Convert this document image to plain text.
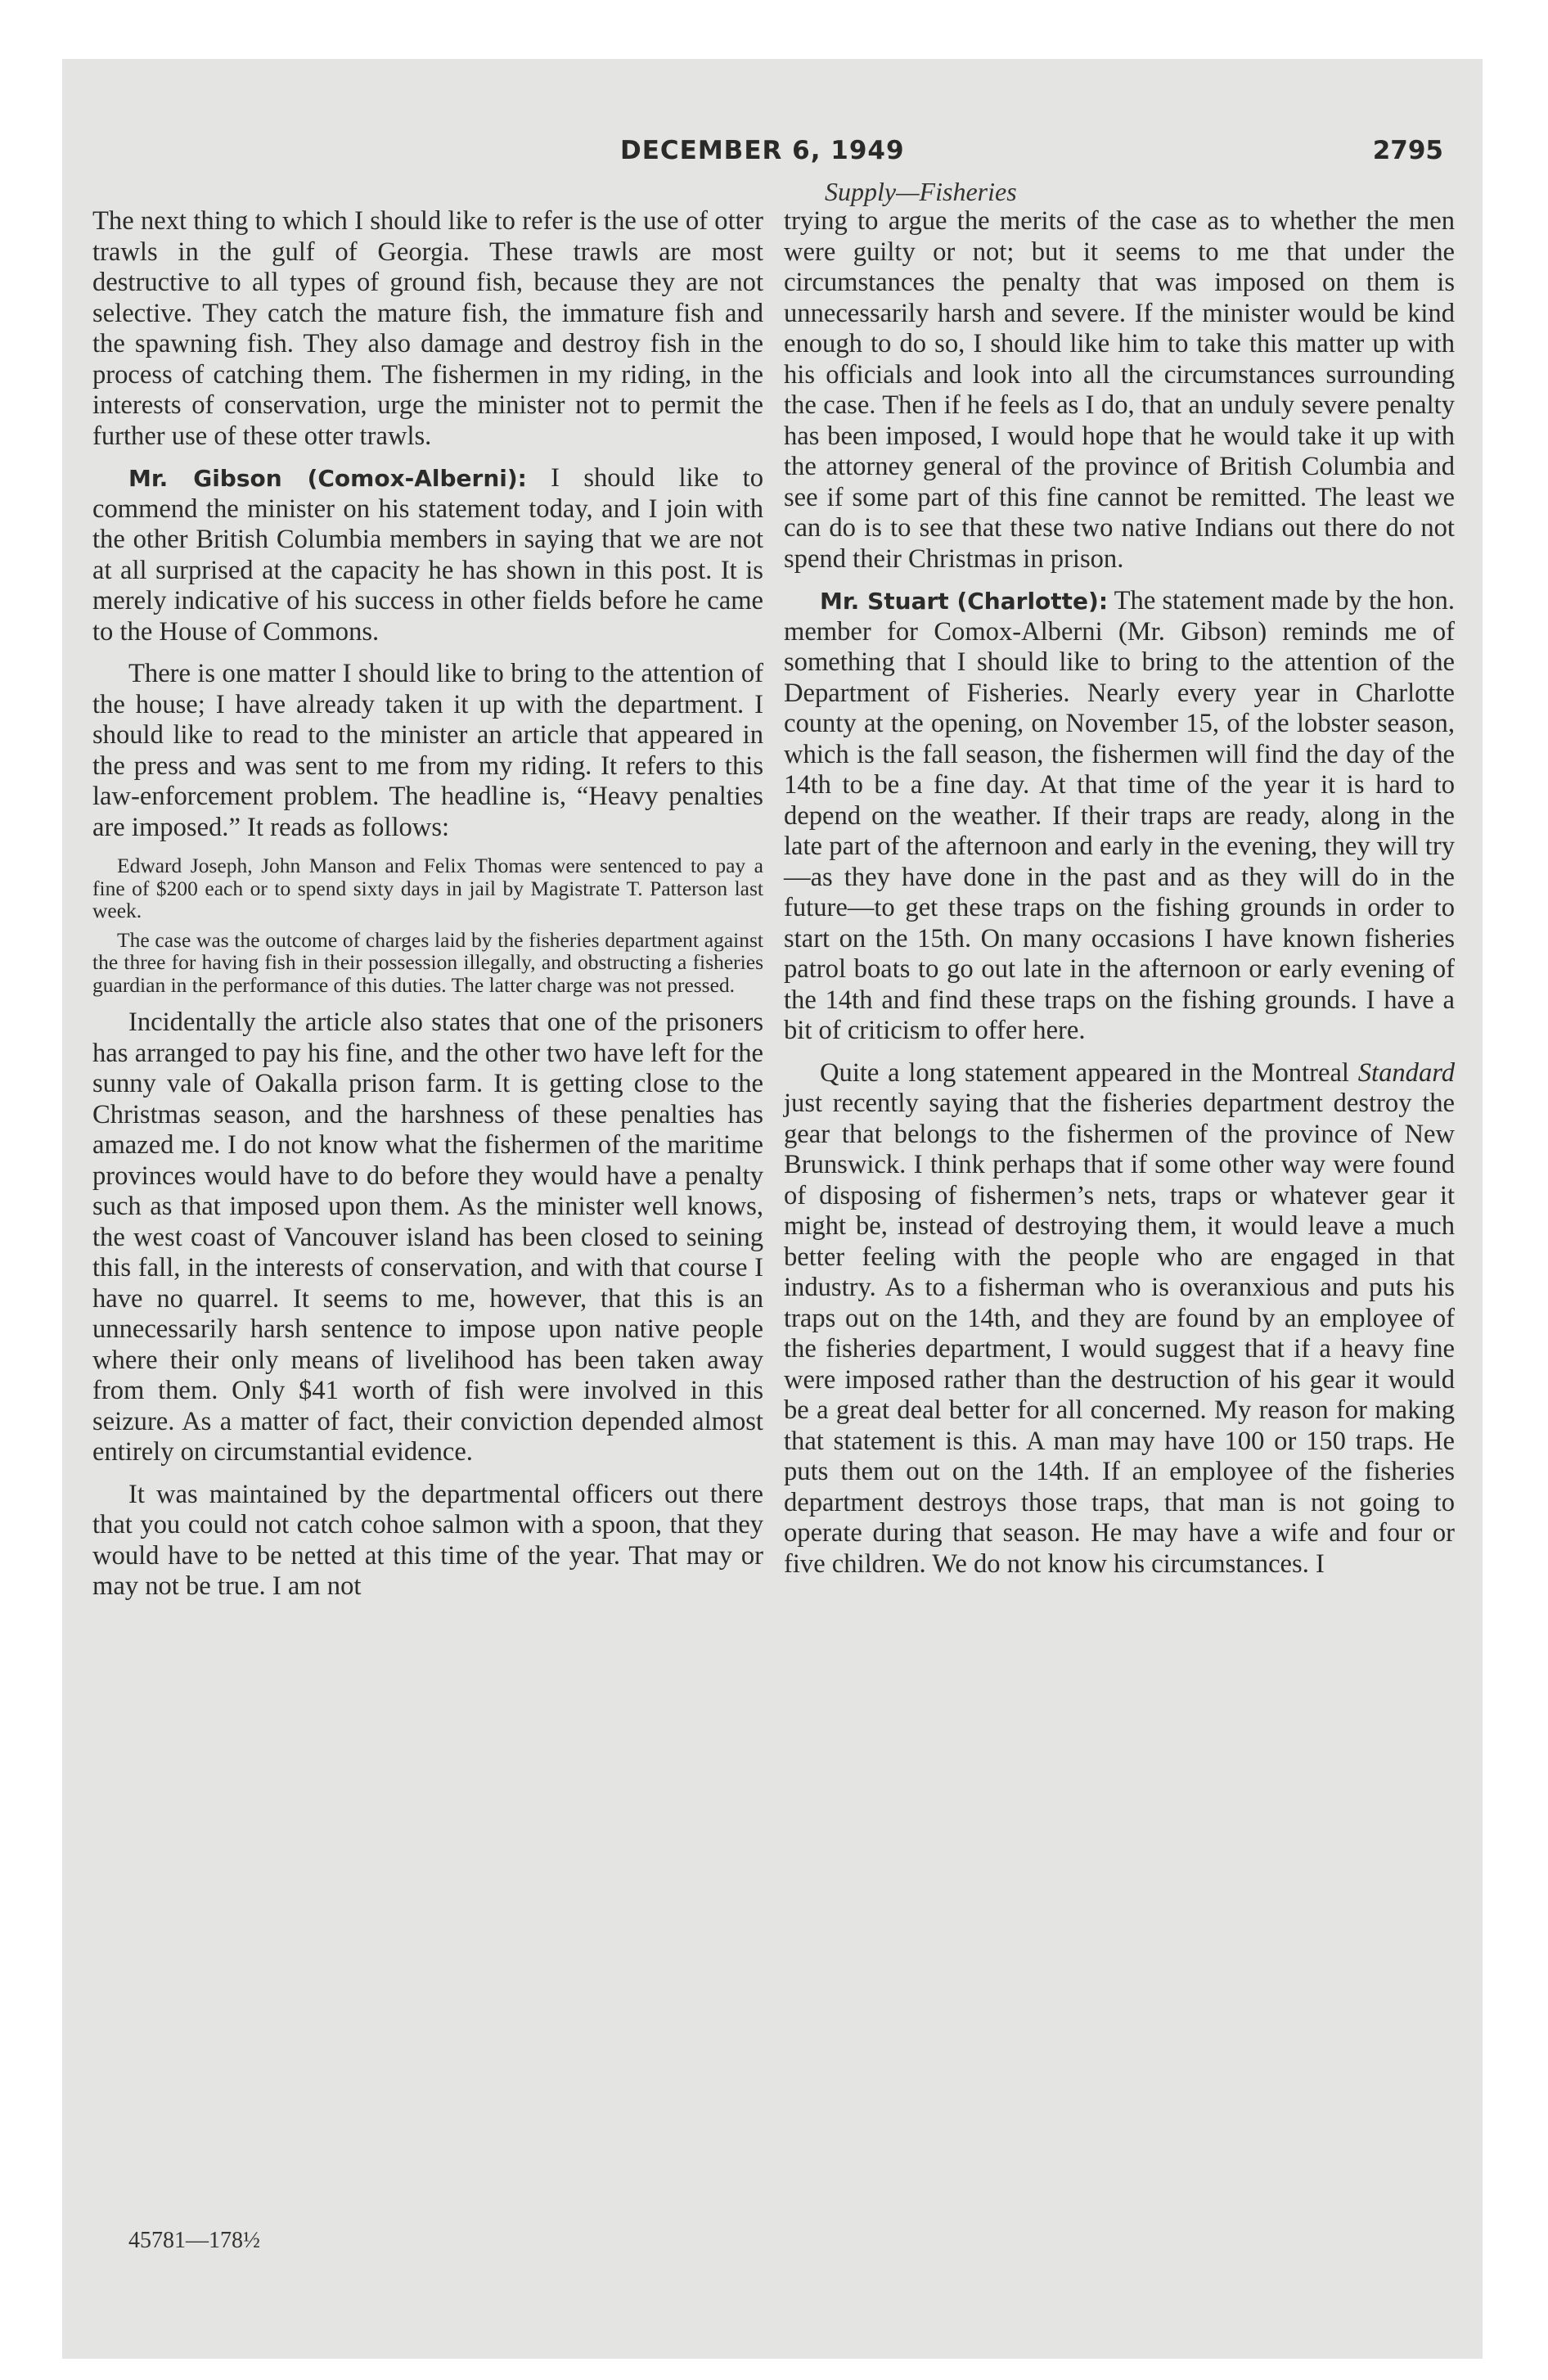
DECEMBER 6, 1949	2795
Supply—Fisheries

The next thing to which I should like to refer is the use of otter trawls in the gulf of Georgia. These trawls are most destructive to all types of ground fish, because they are not selective. They catch the mature fish, the immature fish and the spawning fish. They also damage and destroy fish in the process of catching them. The fishermen in my riding, in the interests of conservation, urge the minister not to permit the further use of these otter trawls.

Mr. Gibson (Comox-Alberni): I should like to commend the minister on his statement today, and I join with the other British Columbia members in saying that we are not at all surprised at the capacity he has shown in this post. It is merely indicative of his success in other fields before he came to the House of Commons.

There is one matter I should like to bring to the attention of the house; I have already taken it up with the department. I should like to read to the minister an article that appeared in the press and was sent to me from my riding. It refers to this law-enforcement problem. The headline is, “Heavy penalties are imposed.” It reads as follows:

Edward Joseph, John Manson and Felix Thomas were sentenced to pay a fine of $200 each or to spend sixty days in jail by Magistrate T. Patterson last week.

The case was the outcome of charges laid by the fisheries department against the three for having fish in their possession illegally, and obstructing a fisheries guardian in the performance of this duties. The latter charge was not pressed.

Incidentally the article also states that one of the prisoners has arranged to pay his fine, and the other two have left for the sunny vale of Oakalla prison farm. It is getting close to the Christmas season, and the harshness of these penalties has amazed me. I do not know what the fishermen of the maritime provinces would have to do before they would have a penalty such as that imposed upon them. As the minister well knows, the west coast of Vancouver island has been closed to seining this fall, in the interests of conservation, and with that course I have no quarrel. It seems to me, however, that this is an unnecessarily harsh sentence to impose upon native people where their only means of livelihood has been taken away from them. Only $41 worth of fish were involved in this seizure. As a matter of fact, their conviction depended almost entirely on circumstantial evidence.

It was maintained by the departmental officers out there that you could not catch cohoe salmon with a spoon, that they would have to be netted at this time of the year. That may or may not be true. I am not

trying to argue the merits of the case as to whether the men were guilty or not; but it seems to me that under the circumstances the penalty that was imposed on them is unnecessarily harsh and severe. If the minister would be kind enough to do so, I should like him to take this matter up with his officials and look into all the circumstances surrounding the case. Then if he feels as I do, that an unduly severe penalty has been imposed, I would hope that he would take it up with the attorney general of the province of British Columbia and see if some part of this fine cannot be remitted. The least we can do is to see that these two native Indians out there do not spend their Christmas in prison.

Mr. Stuart (Charlotte): The statement made by the hon. member for Comox-Alberni (Mr. Gibson) reminds me of something that I should like to bring to the attention of the Department of Fisheries. Nearly every year in Charlotte county at the opening, on November 15, of the lobster season, which is the fall season, the fishermen will find the day of the 14th to be a fine day. At that time of the year it is hard to depend on the weather. If their traps are ready, along in the late part of the afternoon and early in the evening, they will try—as they have done in the past and as they will do in the future—to get these traps on the fishing grounds in order to start on the 15th. On many occasions I have known fisheries patrol boats to go out late in the afternoon or early evening of the 14th and find these traps on the fishing grounds. I have a bit of criticism to offer here.

Quite a long statement appeared in the Montreal Standard just recently saying that the fisheries department destroy the gear that belongs to the fishermen of the province of New Brunswick. I think perhaps that if some other way were found of disposing of fishermen’s nets, traps or whatever gear it might be, instead of destroying them, it would leave a much better feeling with the people who are engaged in that industry. As to a fisherman who is overanxious and puts his traps out on the 14th, and they are found by an employee of the fisheries department, I would suggest that if a heavy fine were imposed rather than the destruction of his gear it would be a great deal better for all concerned. My reason for making that statement is this. A man may have 100 or 150 traps. He puts them out on the 14th. If an employee of the fisheries department destroys those traps, that man is not going to operate during that season. He may have a wife and four or five children. We do not know his circumstances. I

45781—178½
